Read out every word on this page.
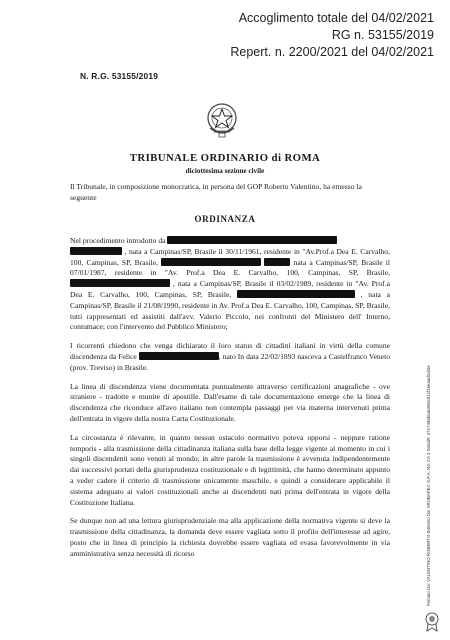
Accoglimento totale del 04/02/2021
RG n. 53155/2019
Repert. n. 2200/2021 del 04/02/2021
N. R.G. 53155/2019
TRIBUNALE ORDINARIO di ROMA
diciottesima sezione civile
Il Tribunale, in composizione monocratica, in persona del GOP Roberto Valentino, ha emesso la seguente
ORDINANZA

Nel procedimento introdotto da
, nata a Campinas/SP, Brasile il 30/11/1961, residente in "Av.Prof.a Dea E. Carvalho, 100, Campinas, SP, Brasile,	nata a Campinas/SP, Brasile il 07/01/1987, residente in "Av. Prof.a Dea E. Carvalho, 100, Campinas, SP, Brasile,  , nata a Campinas/SP, Brasile il 03/02/1989, residente in "Av. Prof.a Dea E. Carvalho, 100, Campinas, SP, Brasile,	, nata a Campinas/SP, Brasile il 21/08/1990, residente in Av. Prof.a Dea E. Carvalho, 100, Campinas, SP, Brasile, tutti rappresentati ed assistiti dall'avv. Valerio Piccolo, nei confronti del Ministero dell' Interno, contumace; con l'intervento del Pubblico Ministero;

I ricorrenti chiedono che venga dichiarato il loro status di cittadini italiani in virtù della comune discendenza da Felice	, nato In data 22/02/1893 nasceva a Castelfranco Veneto (prov. Treviso) in Brasile.

La linea di discendenza viene documentata puntualmente attraverso certificazioni anagrafiche - ove straniere - tradotte e munite di apostille. Dall'esame di tale documentazione emerge che la linea di discendenza che riconduce all'avo italiano non contempla passaggi per via materna intervenuti prima dell'entrata in vigore della nostra Carta Costituzionale.

La circostanza è rilevante, in quanto nessun ostacolo normativo poteva opporsi - neppure ratione temporis - alla trasmissione della cittadinanza italiana sulla base della legge vigente al momento in cui i singoli discendenti sono venuti al mondo; in altre parole la trasmissione è avvenuta indipendentemente dai successivi portati della giurisprudenza costituzionale e di legittimità, che hanno determinato appunto a veder cadere il criterio di trasmissione unicamente maschile, e quindi a considerare applicabile il sistema adeguato ai valori costituzionali anche ai discendenti nati prima dell'entrata in vigore della Costituzione Italiana.

Se dunque non ad una lettura giurisprudenziale ma alla applicazione della normativa vigente si deve la trasmissione della cittadinanza, la domanda deve essere vagliata sotto il profilo dell'interesse ad agire, posto che in linea di principio la richiesta dovrebbe essere vagliata ed evasa favorevolmente in via amministrativa senza necessità di ricorso	Firmato Da: VALENTINO ROBERTO Emesso Da: ARUBAPEC S.P.A. NG CA 3 Serial#: 4717495b6ac8e5c61cf16eaad2af4e
